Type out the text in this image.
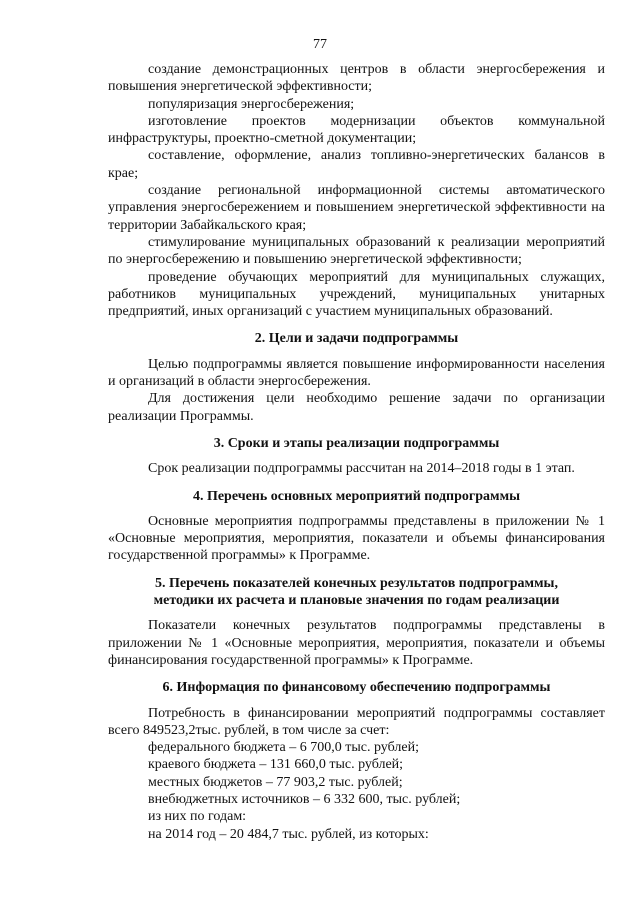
77

создание демонстрационных центров в области энергосбережения и повышения энергетической эффективности;

популяризация энергосбережения;

изготовление проектов модернизации объектов коммунальной инфраструктуры, проектно-сметной документации;

составление, оформление, анализ топливно-энергетических балансов в крае;

создание региональной информационной системы автоматического управления энергосбережением и повышением энергетической эффективности на территории Забайкальского края;

стимулирование муниципальных образований к реализации мероприятий по энергосбережению и повышению энергетической эффективности;

проведение обучающих мероприятий для муниципальных служащих, работников муниципальных учреждений, муниципальных унитарных предприятий, иных организаций с участием муниципальных образований.

2. Цели и задачи подпрограммы

Целью подпрограммы является повышение информированности населения и организаций в области энергосбережения.

Для достижения цели необходимо решение задачи по организации реализации Программы.

3. Сроки и этапы реализации подпрограммы

Срок реализации подпрограммы рассчитан на 2014–2018 годы в 1 этап.

4. Перечень основных мероприятий подпрограммы

Основные мероприятия подпрограммы представлены в приложении № 1 «Основные мероприятия, мероприятия, показатели и объемы финансирования государственной программы» к Программе.

5. Перечень показателей конечных результатов подпрограммы,

методики их расчета и плановые значения по годам реализации

Показатели конечных результатов подпрограммы представлены в приложении № 1 «Основные мероприятия, мероприятия, показатели и объемы финансирования государственной программы» к Программе.

6. Информация по финансовому обеспечению подпрограммы

Потребность в финансировании мероприятий подпрограммы составляет всего 849523,2тыс. рублей, в том числе за счет:

федерального бюджета – 6 700,0 тыс. рублей;

краевого бюджета – 131 660,0 тыс. рублей;

местных бюджетов – 77 903,2 тыс. рублей;

внебюджетных источников – 6 332 600, тыс. рублей;

из них по годам:

на 2014 год – 20 484,7 тыс. рублей, из которых:
